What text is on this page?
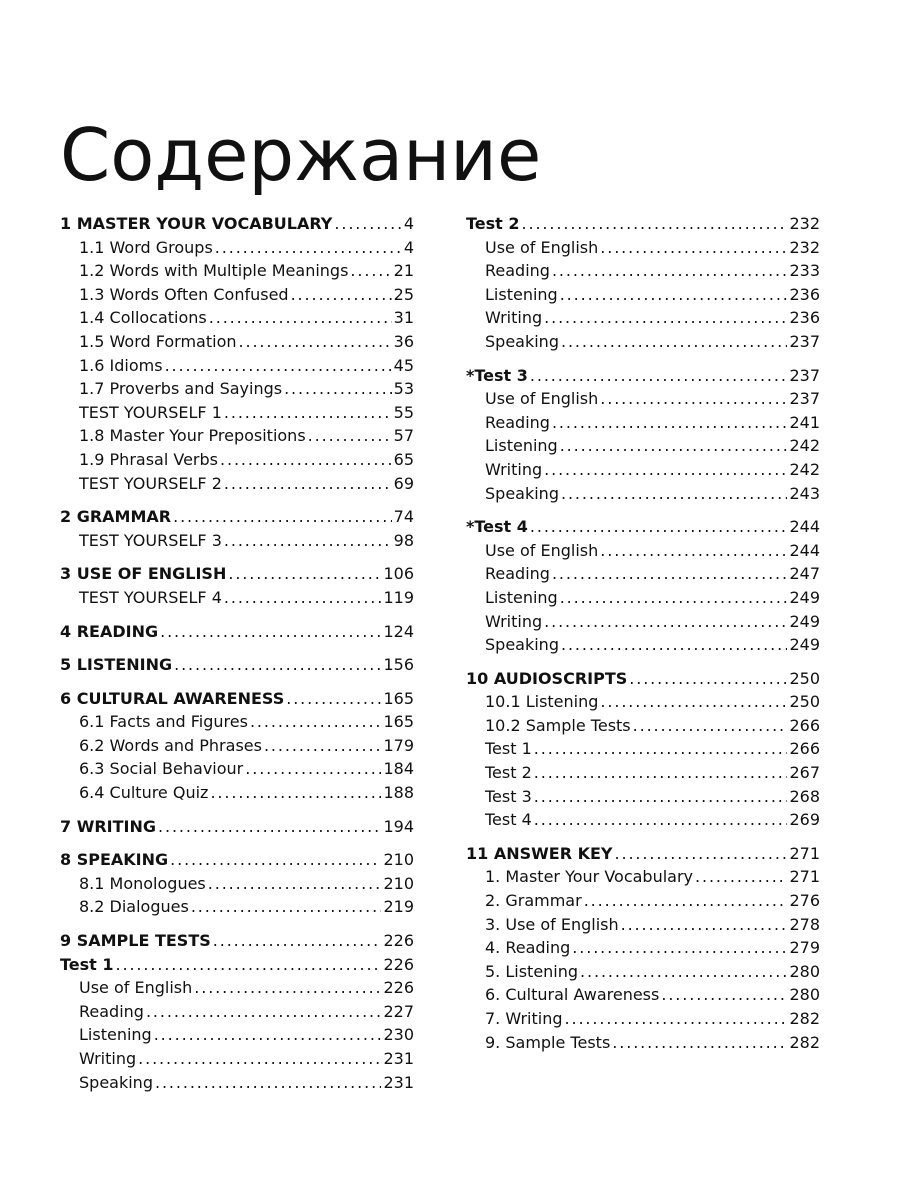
Содержание
1 MASTER YOUR VOCABULARY . . .	4
1.1 Word Groups . . .	4
1.2 Words with Multiple Meanings . . .	21
1.3 Words Often Confused . . .	25
1.4 Collocations . . .	31
1.5 Word Formation . . .	36
1.6 Idioms . . .	45
1.7 Proverbs and Sayings . . .	53
TEST YOURSELF 1 . . .	55
1.8 Master Your Prepositions . . .	57
1.9 Phrasal Verbs . . .	65
TEST YOURSELF 2 . . .	69
2 GRAMMAR . . .	74
TEST YOURSELF 3 . . .	98
3 USE OF ENGLISH . . .	106
TEST YOURSELF 4 . . .	119
4 READING . . .	124
5 LISTENING . . .	156
6 CULTURAL AWARENESS . . .	165
6.1 Facts and Figures . . .	165
6.2 Words and Phrases . . .	179
6.3 Social Behaviour . . .	184
6.4 Culture Quiz . . .	188
7 WRITING . . .	194
8 SPEAKING . . .	210
8.1 Monologues . . .	210
8.2 Dialogues . . .	219
9 SAMPLE TESTS . . .	226
Test 1 . . .	226
Use of English . . .	226
Reading . . .	227
Listening . . .	230
Writing . . .	231
Speaking . . .	231
Test 2 . . .	232
Use of English . . .	232
Reading . . .	233
Listening . . .	236
Writing . . .	236
Speaking . . .	237
*Test 3 . . .	237
Use of English . . .	237
Reading . . .	241
Listening . . .	242
Writing . . .	242
Speaking . . .	243
*Test 4 . . .	244
Use of English . . .	244
Reading . . .	247
Listening . . .	249
Writing . . .	249
Speaking . . .	249
10 AUDIOSCRIPTS . . .	250
10.1 Listening . . .	250
10.2 Sample Tests . . .	266
Test 1 . . .	266
Test 2 . . .	267
Test 3 . . .	268
Test 4 . . .	269
11 ANSWER KEY . . .	271
1. Master Your Vocabulary . . .	271
2. Grammar . . .	276
3. Use of English . . .	278
4. Reading . . .	279
5. Listening . . .	280
6. Cultural Awareness . . .	280
7. Writing . . .	282
9. Sample Tests . . .	282
